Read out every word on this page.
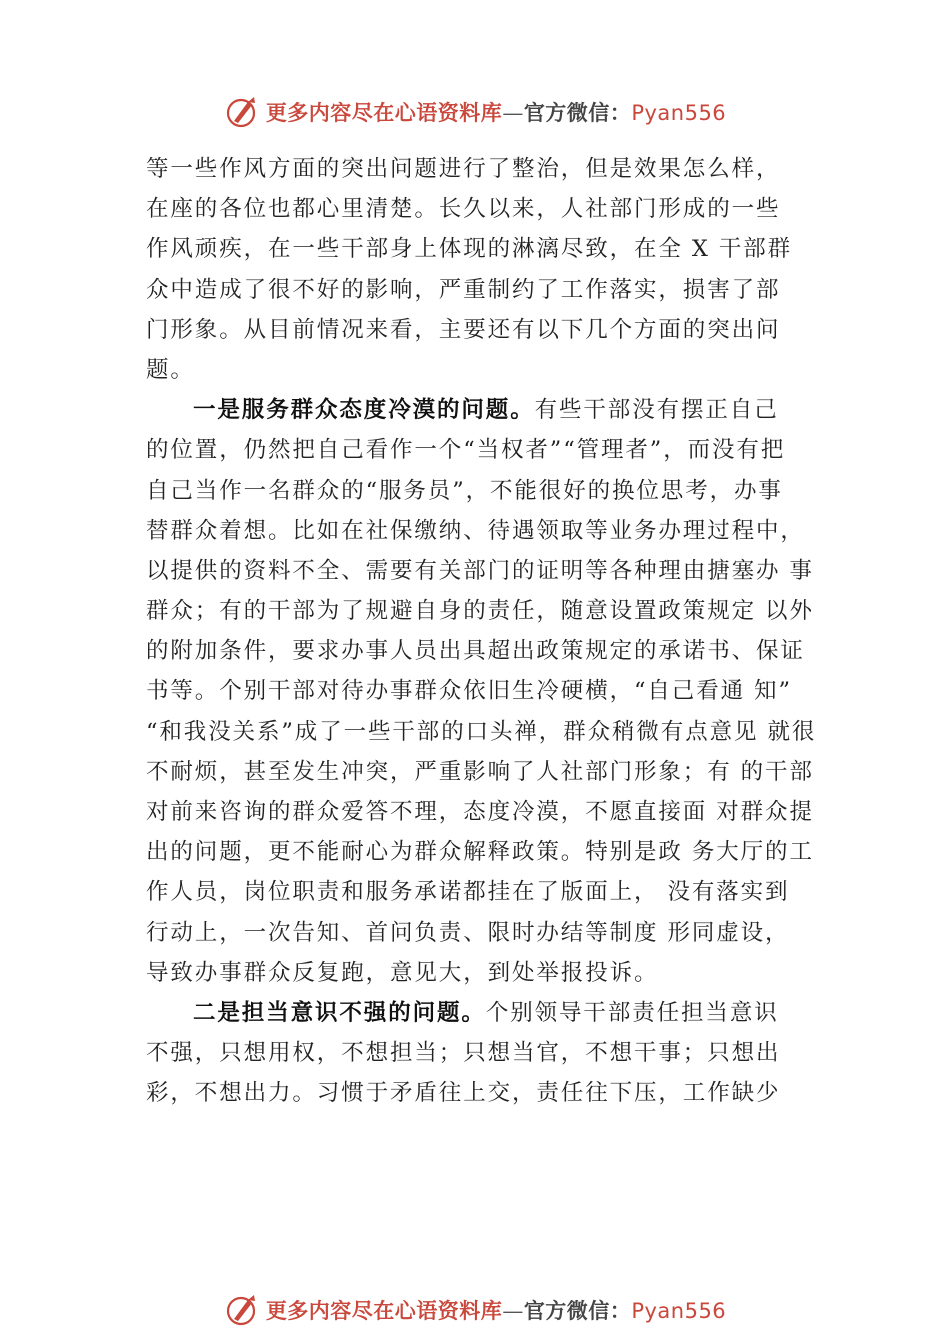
更多内容尽在心语资料库—官方微信：Pyan556
等一些作风方面的突出问题进行了整治，但是效果怎么样，
在座的各位也都心里清楚。长久以来，人社部门形成的一些
作风顽疾，在一些干部身上体现的淋漓尽致，在全 X 干部群
众中造成了很不好的影响，严重制约了工作落实，损害了部
门形象。从目前情况来看，主要还有以下几个方面的突出问
题。
一是服务群众态度冷漠的问题。有些干部没有摆正自己
的位置，仍然把自己看作一个“当权者”“管理者”，而没有把
自己当作一名群众的“服务员”，不能很好的换位思考，办事
替群众着想。比如在社保缴纳、待遇领取等业务办理过程中，
以提供的资料不全、需要有关部门的证明等各种理由搪塞办 事
群众；有的干部为了规避自身的责任，随意设置政策规定 以外
的附加条件，要求办事人员出具超出政策规定的承诺书、保证
书等。个别干部对待办事群众依旧生冷硬横，“自己看通 知”
“和我没关系”成了一些干部的口头禅，群众稍微有点意见 就很
不耐烦，甚至发生冲突，严重影响了人社部门形象；有 的干部
对前来咨询的群众爱答不理，态度冷漠，不愿直接面 对群众提
出的问题，更不能耐心为群众解释政策。特别是政 务大厅的工
作人员，岗位职责和服务承诺都挂在了版面上， 没有落实到
行动上，一次告知、首问负责、限时办结等制度 形同虚设，
导致办事群众反复跑，意见大，到处举报投诉。
二是担当意识不强的问题。个别领导干部责任担当意识
不强，只想用权，不想担当；只想当官，不想干事；只想出
彩，不想出力。习惯于矛盾往上交，责任往下压，工作缺少
更多内容尽在心语资料库—官方微信：Pyan556
